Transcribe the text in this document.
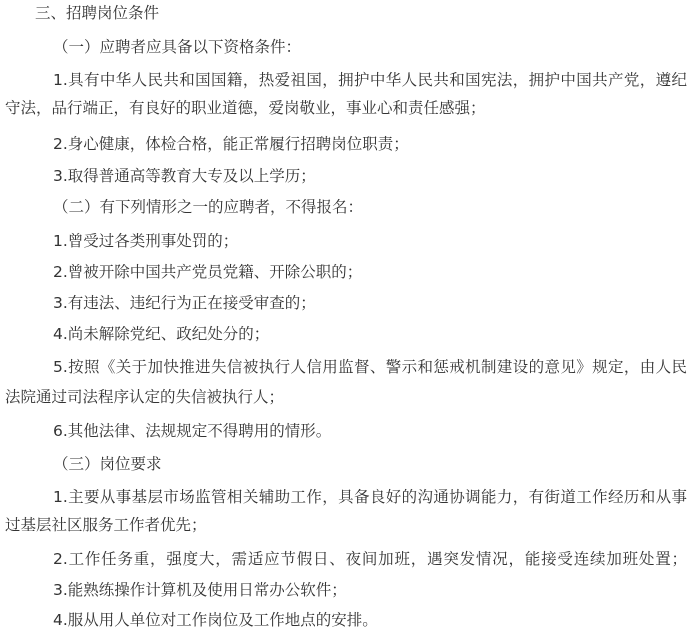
三、招聘岗位条件
（一）应聘者应具备以下资格条件：
1.具有中华人民共和国国籍，热爱祖国，拥护中华人民共和国宪法，拥护中国共产党，遵纪
守法，品行端正，有良好的职业道德，爱岗敬业，事业心和责任感强；
2.身心健康，体检合格，能正常履行招聘岗位职责；
3.取得普通高等教育大专及以上学历；
（二）有下列情形之一的应聘者，不得报名：
1.曾受过各类刑事处罚的；
2.曾被开除中国共产党员党籍、开除公职的；
3.有违法、违纪行为正在接受审查的；
4.尚未解除党纪、政纪处分的；
5.按照《关于加快推进失信被执行人信用监督、警示和惩戒机制建设的意见》规定，由人民
法院通过司法程序认定的失信被执行人；
6.其他法律、法规规定不得聘用的情形。
（三）岗位要求
1.主要从事基层市场监管相关辅助工作，具备良好的沟通协调能力，有街道工作经历和从事
过基层社区服务工作者优先；
2.工作任务重，强度大，需适应节假日、夜间加班，遇突发情况，能接受连续加班处置；
3.能熟练操作计算机及使用日常办公软件；
4.服从用人单位对工作岗位及工作地点的安排。
